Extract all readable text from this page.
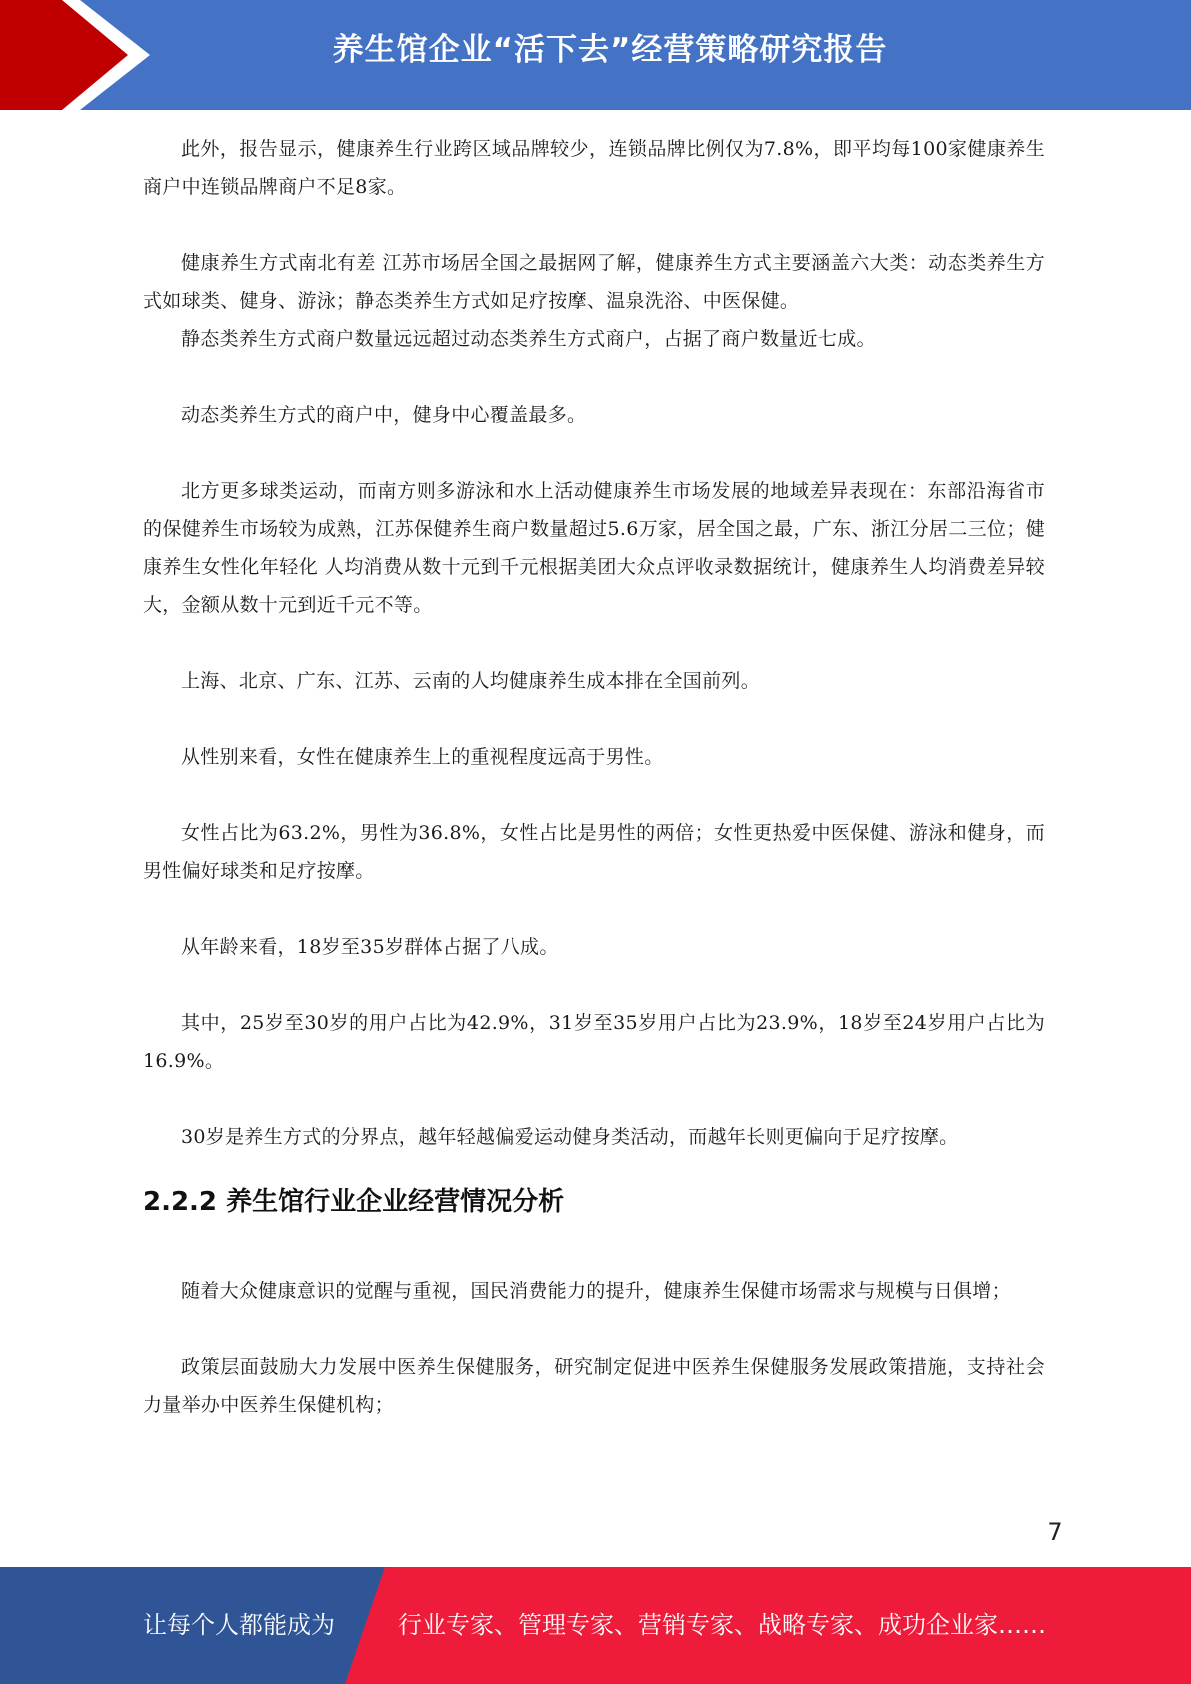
养生馆企业“活下去”经营策略研究报告

此外，报告显示，健康养生行业跨区域品牌较少，连锁品牌比例仅为7.8%，即平均每100家健康养生商户中连锁品牌商户不足8家。

健康养生方式南北有差 江苏市场居全国之最据网了解，健康养生方式主要涵盖六大类：动态类养生方式如球类、健身、游泳；静态类养生方式如足疗按摩、温泉洗浴、中医保健。

静态类养生方式商户数量远远超过动态类养生方式商户，占据了商户数量近七成。

动态类养生方式的商户中，健身中心覆盖最多。

北方更多球类运动，而南方则多游泳和水上活动健康养生市场发展的地域差异表现在：东部沿海省市的保健养生市场较为成熟，江苏保健养生商户数量超过5.6万家，居全国之最，广东、浙江分居二三位；健康养生女性化年轻化 人均消费从数十元到千元根据美团大众点评收录数据统计，健康养生人均消费差异较大，金额从数十元到近千元不等。

上海、北京、广东、江苏、云南的人均健康养生成本排在全国前列。

从性别来看，女性在健康养生上的重视程度远高于男性。

女性占比为63.2%，男性为36.8%，女性占比是男性的两倍；女性更热爱中医保健、游泳和健身，而男性偏好球类和足疗按摩。

从年龄来看，18岁至35岁群体占据了八成。

其中，25岁至30岁的用户占比为42.9%，31岁至35岁用户占比为23.9%，18岁至24岁用户占比为16.9%。

30岁是养生方式的分界点，越年轻越偏爱运动健身类活动，而越年长则更偏向于足疗按摩。

2.2.2 养生馆行业企业经营情况分析

随着大众健康意识的觉醒与重视，国民消费能力的提升，健康养生保健市场需求与规模与日俱增；

政策层面鼓励大力发展中医养生保健服务，研究制定促进中医养生保健服务发展政策措施，支持社会力量举办中医养生保健机构；

7
让每个人都能成为	行业专家、管理专家、营销专家、战略专家、成功企业家……
